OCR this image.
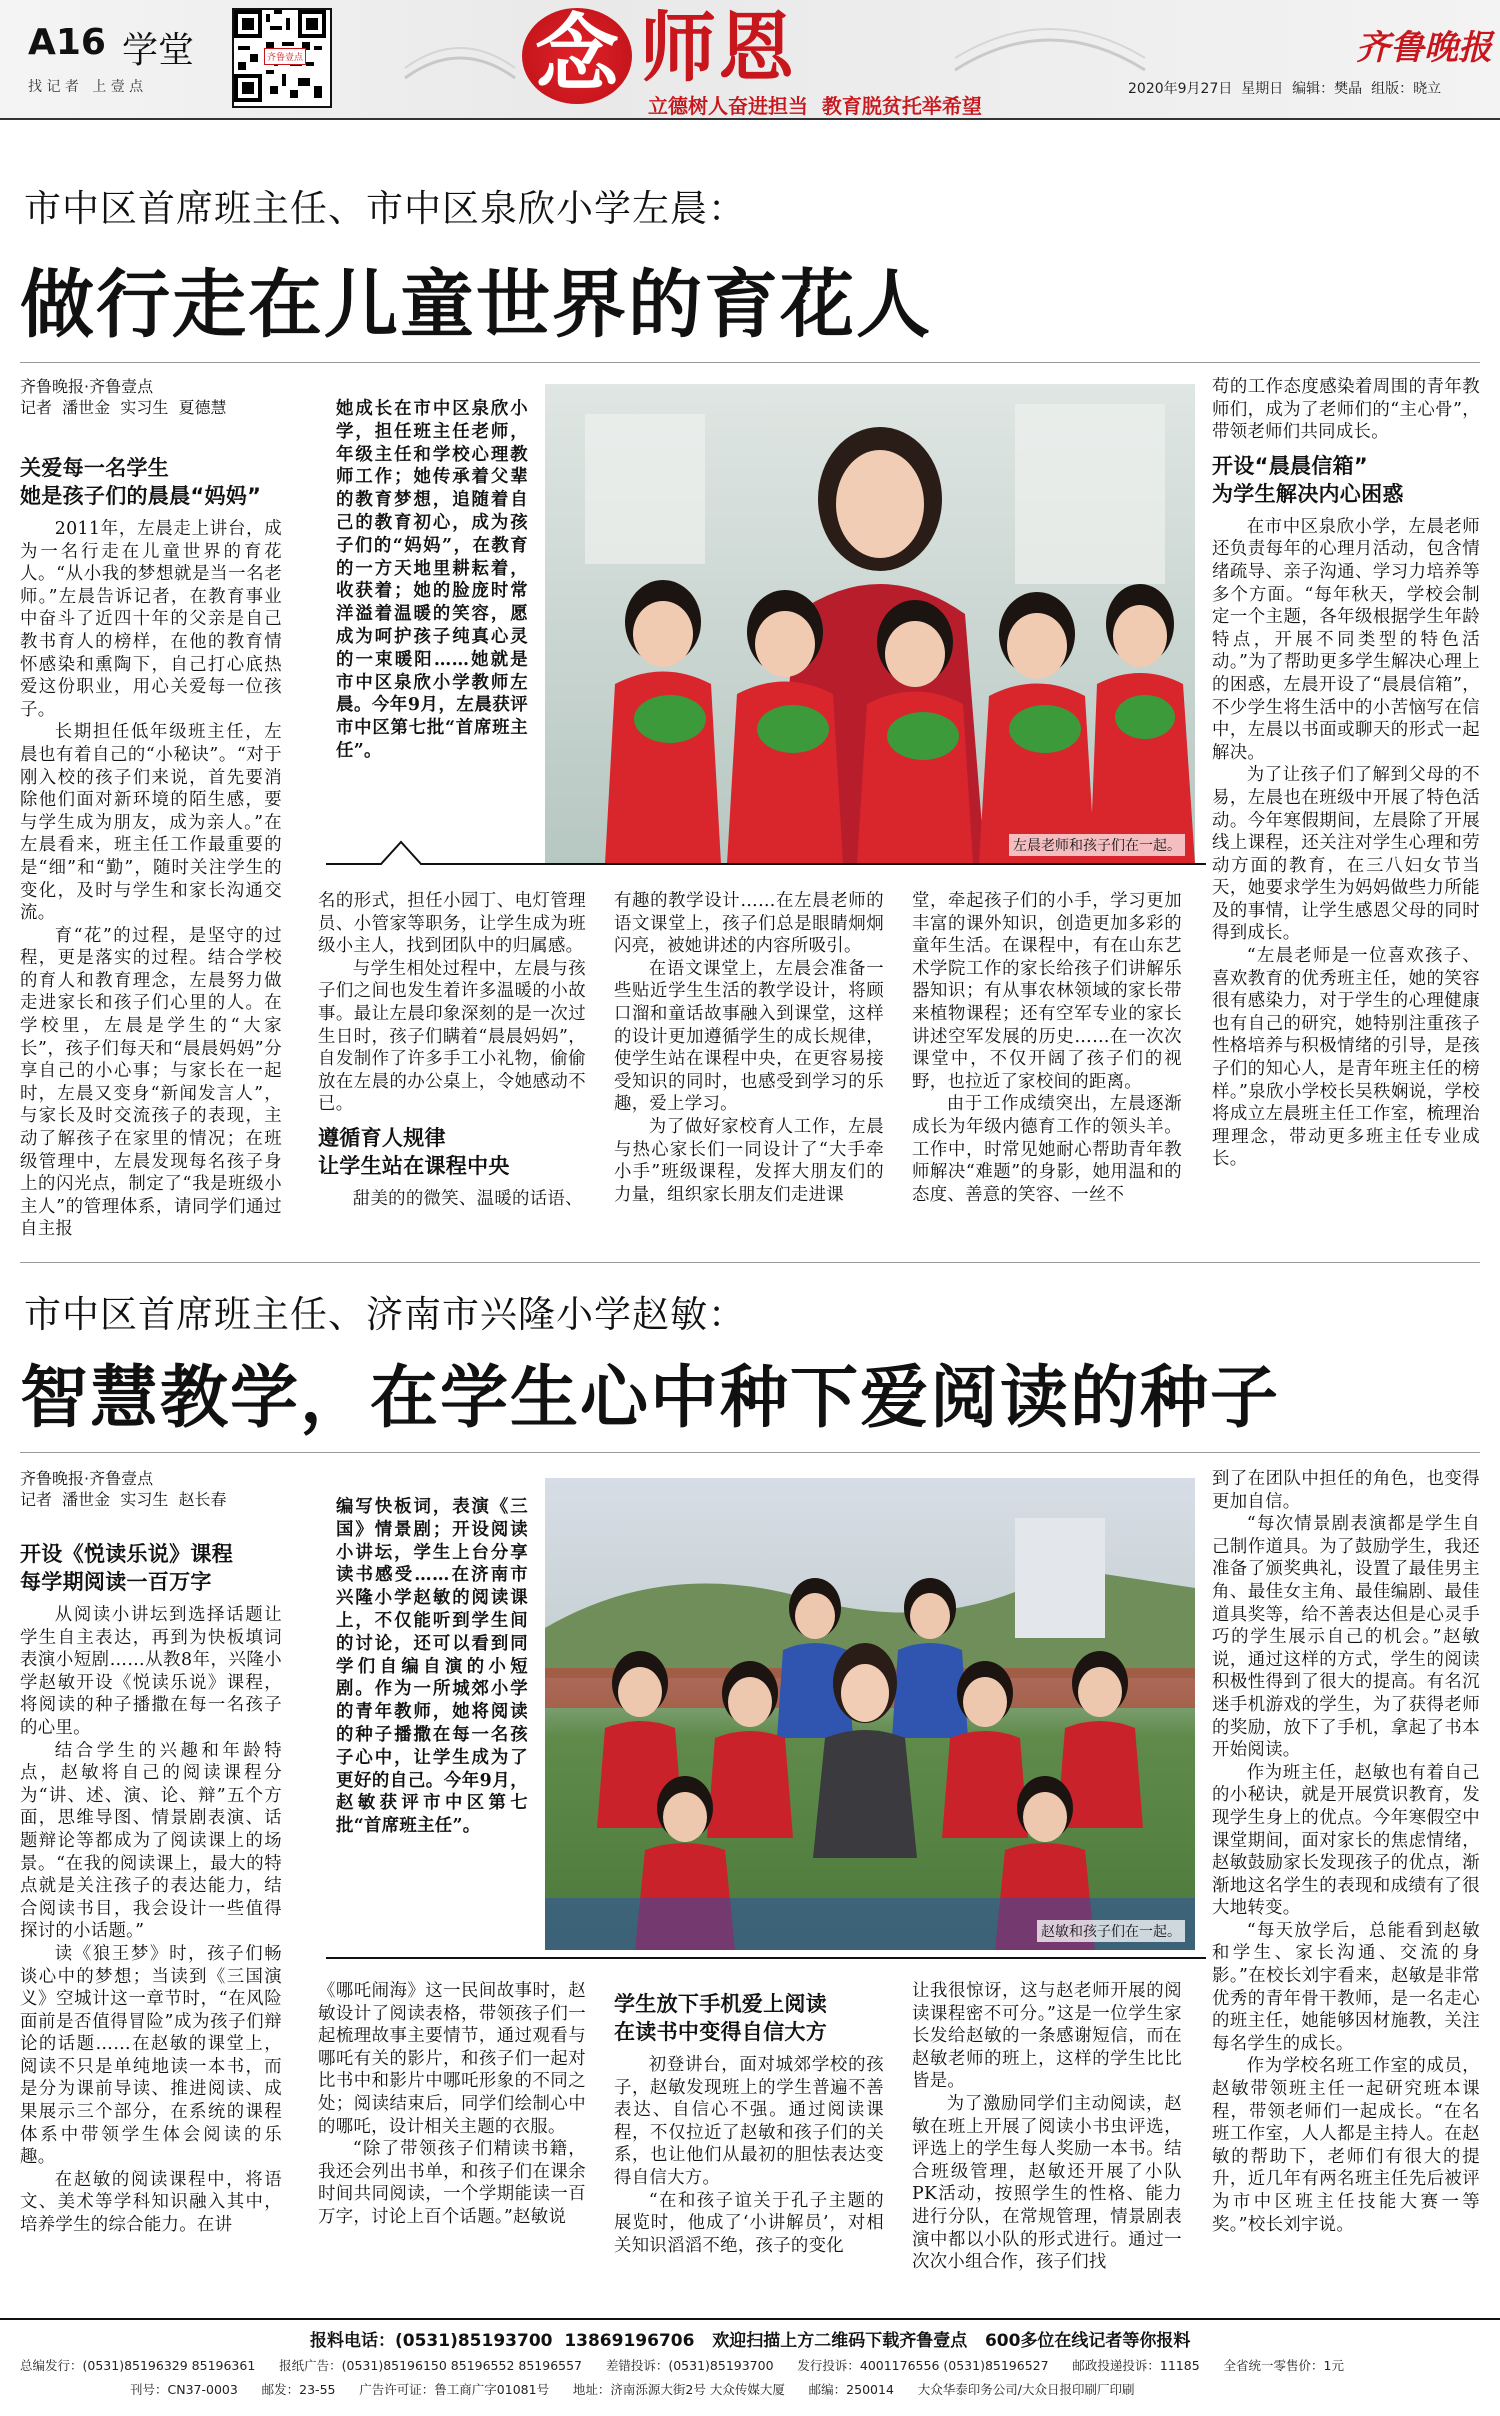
A16 学堂
找 记 者   上 壹 点
齐鲁壹点	念 师恩
立德树人奋进担当  教育脱贫托举希望
2020年9月27日 星期日 编辑：樊晶 组版：晓立
齐鲁晚报
市中区首席班主任、市中区泉欣小学左晨：
做行走在儿童世界的育花人
齐鲁晚报·齐鲁壹点
记者  潘世金  实习生  夏德慧
左晨老师和孩子们在一起。
她成长在市中区泉欣小学，担任班主任老师，年级主任和学校心理教师工作；她传承着父辈的教育梦想，追随着自己的教育初心，成为孩子们的“妈妈”，在教育的一方天地里耕耘着，收获着；她的脸庞时常洋溢着温暖的笑容，愿成为呵护孩子纯真心灵的一束暖阳……她就是市中区泉欣小学教师左晨。今年9月，左晨获评市中区第七批“首席班主任”。
关爱每一名学生
她是孩子们的晨晨“妈妈”

2011年，左晨走上讲台，成为一名行走在儿童世界的育花人。“从小我的梦想就是当一名老师。”左晨告诉记者，在教育事业中奋斗了近四十年的父亲是自己教书育人的榜样，在他的教育情怀感染和熏陶下，自己打心底热爱这份职业，用心关爱每一位孩子。

长期担任低年级班主任，左晨也有着自己的“小秘诀”。“对于刚入校的孩子们来说，首先要消除他们面对新环境的陌生感，要与学生成为朋友，成为亲人。”在左晨看来，班主任工作最重要的是“细”和“勤”，随时关注学生的变化，及时与学生和家长沟通交流。

育“花”的过程，是坚守的过程，更是落实的过程。结合学校的育人和教育理念，左晨努力做走进家长和孩子们心里的人。在学校里，左晨是学生的“大家长”，孩子们每天和“晨晨妈妈”分享自己的小心事；与家长在一起时，左晨又变身“新闻发言人”，与家长及时交流孩子的表现，主动了解孩子在家里的情况；在班级管理中，左晨发现每名孩子身上的闪光点，制定了“我是班级小主人”的管理体系，请同学们通过自主报

名的形式，担任小园丁、电灯管理员、小管家等职务，让学生成为班级小主人，找到团队中的归属感。

与学生相处过程中，左晨与孩子们之间也发生着许多温暖的小故事。最让左晨印象深刻的是一次过生日时，孩子们瞒着“晨晨妈妈”，自发制作了许多手工小礼物，偷偷放在左晨的办公桌上，令她感动不已。

遵循育人规律
让学生站在课程中央

甜美的的微笑、温暖的话语、

有趣的教学设计……在左晨老师的语文课堂上，孩子们总是眼睛炯炯闪亮，被她讲述的内容所吸引。

在语文课堂上，左晨会准备一些贴近学生生活的教学设计，将顾口溜和童话故事融入到课堂，这样的设计更加遵循学生的成长规律，使学生站在课程中央，在更容易接受知识的同时，也感受到学习的乐趣，爱上学习。

为了做好家校育人工作，左晨与热心家长们一同设计了“大手牵小手”班级课程，发挥大朋友们的力量，组织家长朋友们走进课

堂，牵起孩子们的小手，学习更加丰富的课外知识，创造更加多彩的童年生活。在课程中，有在山东艺术学院工作的家长给孩子们讲解乐器知识；有从事农林领域的家长带来植物课程；还有空军专业的家长讲述空军发展的历史……在一次次课堂中，不仅开阔了孩子们的视野，也拉近了家校间的距离。

由于工作成绩突出，左晨逐渐成长为年级内德育工作的领头羊。工作中，时常见她耐心帮助青年教师解决“难题”的身影，她用温和的态度、善意的笑容、一丝不

苟的工作态度感染着周围的青年教师们，成为了老师们的“主心骨”，带领老师们共同成长。

开设“晨晨信箱”
为学生解决内心困惑

在市中区泉欣小学，左晨老师还负责每年的心理月活动，包含情绪疏导、亲子沟通、学习力培养等多个方面。“每年秋天，学校会制定一个主题，各年级根据学生年龄特点，开展不同类型的特色活动。”为了帮助更多学生解决心理上的困惑，左晨开设了“晨晨信箱”，不少学生将生活中的小苦恼写在信中，左晨以书面或聊天的形式一起解决。

为了让孩子们了解到父母的不易，左晨也在班级中开展了特色活动。今年寒假期间，左晨除了开展线上课程，还关注对学生心理和劳动方面的教育，在三八妇女节当天，她要求学生为妈妈做些力所能及的事情，让学生感恩父母的同时得到成长。

“左晨老师是一位喜欢孩子、喜欢教育的优秀班主任，她的笑容很有感染力，对于学生的心理健康也有自己的研究，她特别注重孩子性格培养与积极情绪的引导，是孩子们的知心人，是青年班主任的榜样。”泉欣小学校长吴秩娴说，学校将成立左晨班主任工作室，梳理治理理念，带动更多班主任专业成长。

市中区首席班主任、济南市兴隆小学赵敏：
智慧教学，在学生心中种下爱阅读的种子
齐鲁晚报·齐鲁壹点
记者  潘世金  实习生  赵长春
赵敏和孩子们在一起。
编写快板词，表演《三国》情景剧；开设阅读小讲坛，学生上台分享读书感受……在济南市兴隆小学赵敏的阅读课上，不仅能听到学生间的讨论，还可以看到同学们自编自演的小短剧。作为一所城郊小学的青年教师，她将阅读的种子播撒在每一名孩子心中，让学生成为了更好的自己。今年9月，赵敏获评市中区第七批“首席班主任”。
开设《悦读乐说》课程
每学期阅读一百万字

从阅读小讲坛到选择话题让学生自主表达，再到为快板填词表演小短剧……从教8年，兴隆小学赵敏开设《悦读乐说》课程，将阅读的种子播撒在每一名孩子的心里。

结合学生的兴趣和年龄特点，赵敏将自己的阅读课程分为“讲、述、演、论、辩”五个方面，思维导图、情景剧表演、话题辩论等都成为了阅读课上的场景。“在我的阅读课上，最大的特点就是关注孩子的表达能力，结合阅读书目，我会设计一些值得探讨的小话题。”

读《狼王梦》时，孩子们畅谈心中的梦想；当读到《三国演义》空城计这一章节时，“在风险面前是否值得冒险”成为孩子们辩论的话题……在赵敏的课堂上，阅读不只是单纯地读一本书，而是分为课前导读、推进阅读、成果展示三个部分，在系统的课程体系中带领学生体会阅读的乐趣。

在赵敏的阅读课程中，将语文、美术等学科知识融入其中，培养学生的综合能力。在讲

《哪吒闹海》这一民间故事时，赵敏设计了阅读表格，带领孩子们一起梳理故事主要情节，通过观看与哪吒有关的影片，和孩子们一起对比书中和影片中哪吒形象的不同之处；阅读结束后，同学们绘制心中的哪吒，设计相关主题的衣服。

“除了带领孩子们精读书籍，我还会列出书单，和孩子们在课余时间共同阅读，一个学期能读一百万字，讨论上百个话题。”赵敏说

学生放下手机爱上阅读
在读书中变得自信大方

初登讲台，面对城郊学校的孩子，赵敏发现班上的学生普遍不善表达、自信心不强。通过阅读课程，不仅拉近了赵敏和孩子们的关系，也让他们从最初的胆怯表达变得自信大方。

“在和孩子谊关于孔子主题的展览时，他成了‘小讲解员’，对相关知识滔滔不绝，孩子的变化

让我很惊讶，这与赵老师开展的阅读课程密不可分。”这是一位学生家长发给赵敏的一条感谢短信，而在赵敏老师的班上，这样的学生比比皆是。

为了激励同学们主动阅读，赵敏在班上开展了阅读小书虫评选，评选上的学生每人奖励一本书。结合班级管理，赵敏还开展了小队PK活动，按照学生的性格、能力进行分队，在常规管理，情景剧表演中都以小队的形式进行。通过一次次小组合作，孩子们找

到了在团队中担任的角色，也变得更加自信。

“每次情景剧表演都是学生自己制作道具。为了鼓励学生，我还准备了颁奖典礼，设置了最佳男主角、最佳女主角、最佳编剧、最佳道具奖等，给不善表达但是心灵手巧的学生展示自己的机会。”赵敏说，通过这样的方式，学生的阅读积极性得到了很大的提高。有名沉迷手机游戏的学生，为了获得老师的奖励，放下了手机，拿起了书本开始阅读。

作为班主任，赵敏也有着自己的小秘诀，就是开展赏识教育，发现学生身上的优点。今年寒假空中课堂期间，面对家长的焦虑情绪，赵敏鼓励家长发现孩子的优点，渐渐地这名学生的表现和成绩有了很大地转变。

“每天放学后，总能看到赵敏和学生、家长沟通、交流的身影。”在校长刘宇看来，赵敏是非常优秀的青年骨干教师，是一名走心的班主任，她能够因材施教，关注每名学生的成长。

作为学校名班工作室的成员，赵敏带领班主任一起研究班本课程，带领老师们一起成长。“在名班工作室，人人都是主持人。在赵敏的帮助下，老师们有很大的提升，近几年有两名班主任先后被评为市中区班主任技能大赛一等奖。”校长刘宇说。

报料电话：(0531)85193700  13869196706   欢迎扫描上方二维码下载齐鲁壹点   600多位在线记者等你报料
总编发行：(0531)85196329 85196361      报纸广告：(0531)85196150 85196552 85196557      差错投诉：(0531)85193700      发行投诉：4001176556 (0531)85196527      邮政投递投诉：11185      全省统一零售价：1元
刊号：CN37-0003      邮发：23-55      广告许可证：鲁工商广字01081号      地址：济南泺源大街2号 大众传媒大厦      邮编：250014      大众华泰印务公司/大众日报印刷厂印刷
